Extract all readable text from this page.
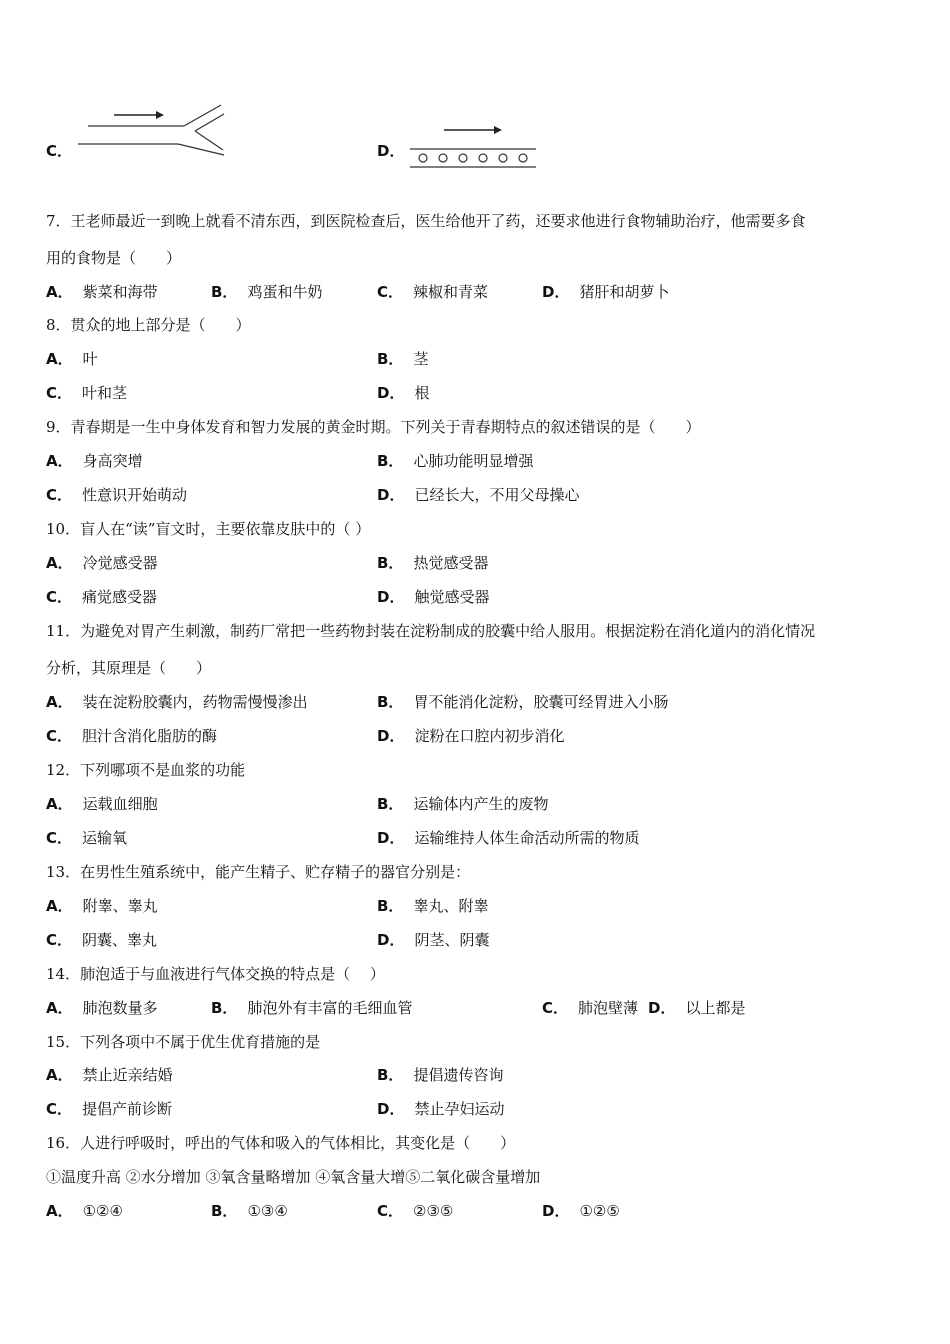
C．	D．
7．王老师最近一到晚上就看不清东西，到医院检查后，医生给他开了药，还要求他进行食物辅助治疗，他需要多食
用的食物是（　　）
A． 紫菜和海带	B． 鸡蛋和牛奶	C． 辣椒和青菜	D． 猪肝和胡萝卜
8．贯众的地上部分是（　　）
A． 叶	B． 茎
C． 叶和茎	D． 根
9．青春期是一生中身体发育和智力发展的黄金时期。下列关于青春期特点的叙述错误的是（　　）
A． 身高突增	B． 心肺功能明显增强
C． 性意识开始萌动	D． 已经长大，不用父母操心
10．盲人在“读”盲文时，主要依靠皮肤中的（ ）
A． 冷觉感受器	B． 热觉感受器
C． 痛觉感受器	D． 触觉感受器
11．为避免对胃产生刺激，制药厂常把一些药物封装在淀粉制成的胶囊中给人服用。根据淀粉在消化道内的消化情况
分析，其原理是（　　）
A． 装在淀粉胶囊内，药物需慢慢渗出	B． 胃不能消化淀粉，胶囊可经胃进入小肠
C． 胆汁含消化脂肪的酶	D． 淀粉在口腔内初步消化
12．下列哪项不是血浆的功能
A． 运载血细胞	B． 运输体内产生的废物
C． 运输氧	D． 运输维持人体生命活动所需的物质
13．在男性生殖系统中，能产生精子、贮存精子的器官分别是：
A． 附睾、睾丸	B． 睾丸、附睾
C． 阴囊、睾丸	D． 阴茎、阴囊
14．肺泡适于与血液进行气体交换的特点是（　 ）
A． 肺泡数量多	B． 肺泡外有丰富的毛细血管	C． 肺泡壁薄 D． 以上都是
15．下列各项中不属于优生优育措施的是
A． 禁止近亲结婚	B． 提倡遗传咨询
C． 提倡产前诊断	D． 禁止孕妇运动
16．人进行呼吸时，呼出的气体和吸入的气体相比，其变化是（　　）
①温度升高 ②水分增加 ③氧含量略增加 ④氧含量大增⑤二氧化碳含量增加
A． ①②④	B． ①③④	C． ②③⑤	D． ①②⑤
